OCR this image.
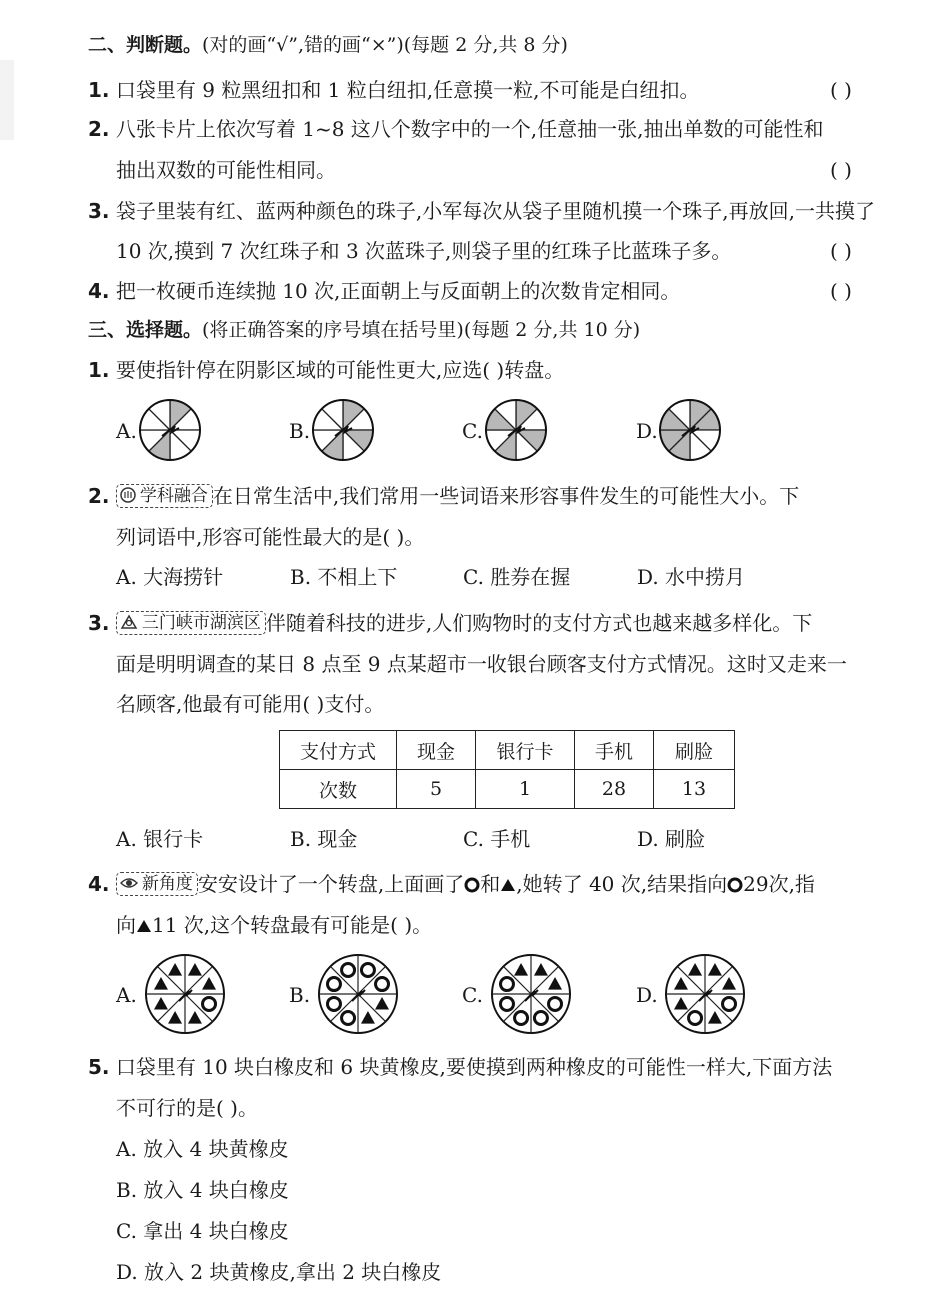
二、判断题。(对的画“√”,错的画“×”)(每题 2 分,共 8 分)
1. 口袋里有 9 粒黑纽扣和 1 粒白纽扣,任意摸一粒,不可能是白纽扣。	( )
2. 八张卡片上依次写着 1~8 这八个数字中的一个,任意抽一张,抽出单数的可能性和
抽出双数的可能性相同。	( )
3. 袋子里装有红、蓝两种颜色的珠子,小军每次从袋子里随机摸一个珠子,再放回,一共摸了
10 次,摸到 7 次红珠子和 3 次蓝珠子,则袋子里的红珠子比蓝珠子多。	( )
4. 把一枚硬币连续抛 10 次,正面朝上与反面朝上的次数肯定相同。	( )
三、选择题。(将正确答案的序号填在括号里)(每题 2 分,共 10 分)
1. 要使指针停在阴影区域的可能性更大,应选( )转盘。
A.	B.	C.	D.
2. 学科融合 在日常生活中,我们常用一些词语来形容事件发生的可能性大小。下
列词语中,形容可能性最大的是( )。
A. 大海捞针	B. 不相上下	C. 胜券在握	D. 水中捞月
3. 三门峡市湖滨区 伴随着科技的进步,人们购物时的支付方式也越来越多样化。下
面是明明调查的某日 8 点至 9 点某超市一收银台顾客支付方式情况。这时又走来一
名顾客,他最有可能用( )支付。
支付方式	现金	银行卡	手机	刷脸
次数	5	1	28	13
A. 银行卡	B. 现金	C. 手机	D. 刷脸
4. 新角度 安安设计了一个转盘,上面画了 和 ,她转了 40 次,结果指向 29次,指
向 11 次,这个转盘最有可能是( )。
A.	B.	C.	D.
5. 口袋里有 10 块白橡皮和 6 块黄橡皮,要使摸到两种橡皮的可能性一样大,下面方法
不可行的是( )。
A. 放入 4 块黄橡皮
B. 放入 4 块白橡皮
C. 拿出 4 块白橡皮
D. 放入 2 块黄橡皮,拿出 2 块白橡皮
